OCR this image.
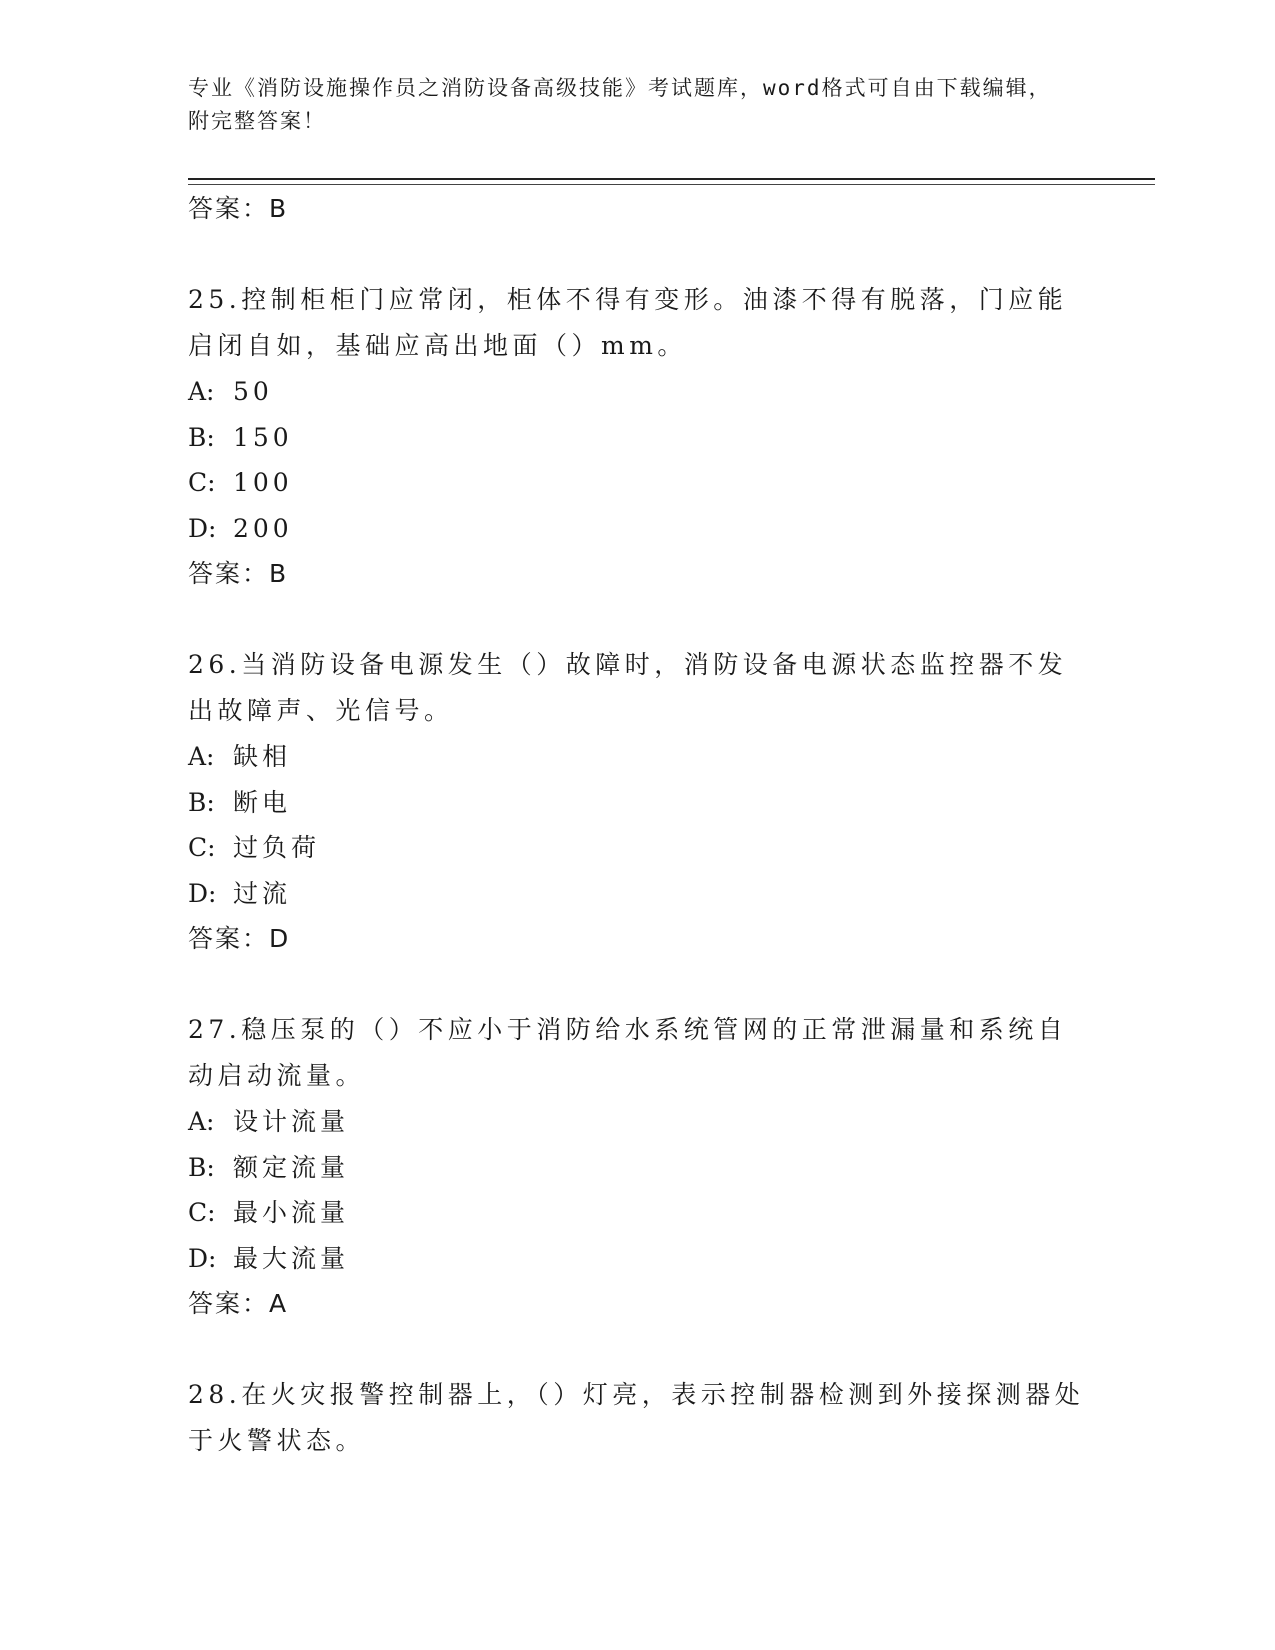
专业《消防设施操作员之消防设备高级技能》考试题库，word格式可自由下载编辑，附完整答案！
答案：B
25.控制柜柜门应常闭，柜体不得有变形。油漆不得有脱落，门应能启闭自如，基础应高出地面（）mm。
A: 50
B: 150
C: 100
D: 200
答案：B
26.当消防设备电源发生（）故障时，消防设备电源状态监控器不发出故障声、光信号。
A: 缺相
B: 断电
C: 过负荷
D: 过流
答案：D
27.稳压泵的（）不应小于消防给水系统管网的正常泄漏量和系统自动启动流量。
A: 设计流量
B: 额定流量
C: 最小流量
D: 最大流量
答案：A
28.在火灾报警控制器上，（）灯亮，表示控制器检测到外接探测器处于火警状态。
